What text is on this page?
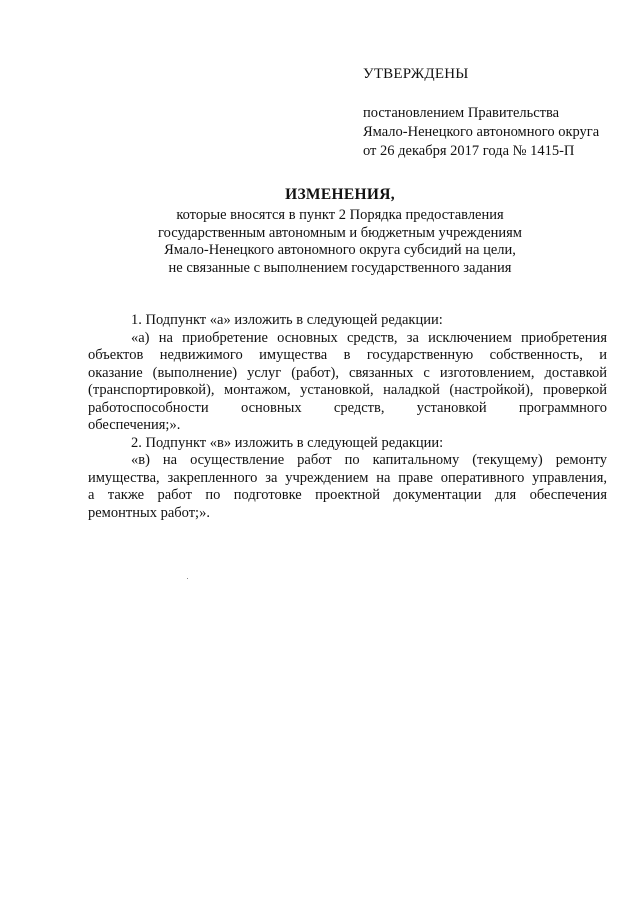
УТВЕРЖДЕНЫ
постановлением Правительства
Ямало-Ненецкого автономного округа
от 26 декабря 2017 года № 1415-П
ИЗМЕНЕНИЯ,
которые вносятся в пункт 2 Порядка предоставления
государственным автономным и бюджетным учреждениям
Ямало-Ненецкого автономного округа субсидий на цели,
не связанные с выполнением государственного задания
1. Подпункт «а» изложить в следующей редакции:
«а) на приобретение основных средств, за исключением приобретения
объектов недвижимого имущества в государственную собственность, и
оказание (выполнение) услуг (работ), связанных с изготовлением, доставкой
(транспортировкой), монтажом, установкой, наладкой (настройкой), проверкой
работоспособности основных средств, установкой программного
обеспечения;».
2. Подпункт «в» изложить в следующей редакции:
«в) на осуществление работ по капитальному (текущему) ремонту
имущества, закрепленного за учреждением на праве оперативного управления,
а также работ по подготовке проектной документации для обеспечения
ремонтных работ;».
